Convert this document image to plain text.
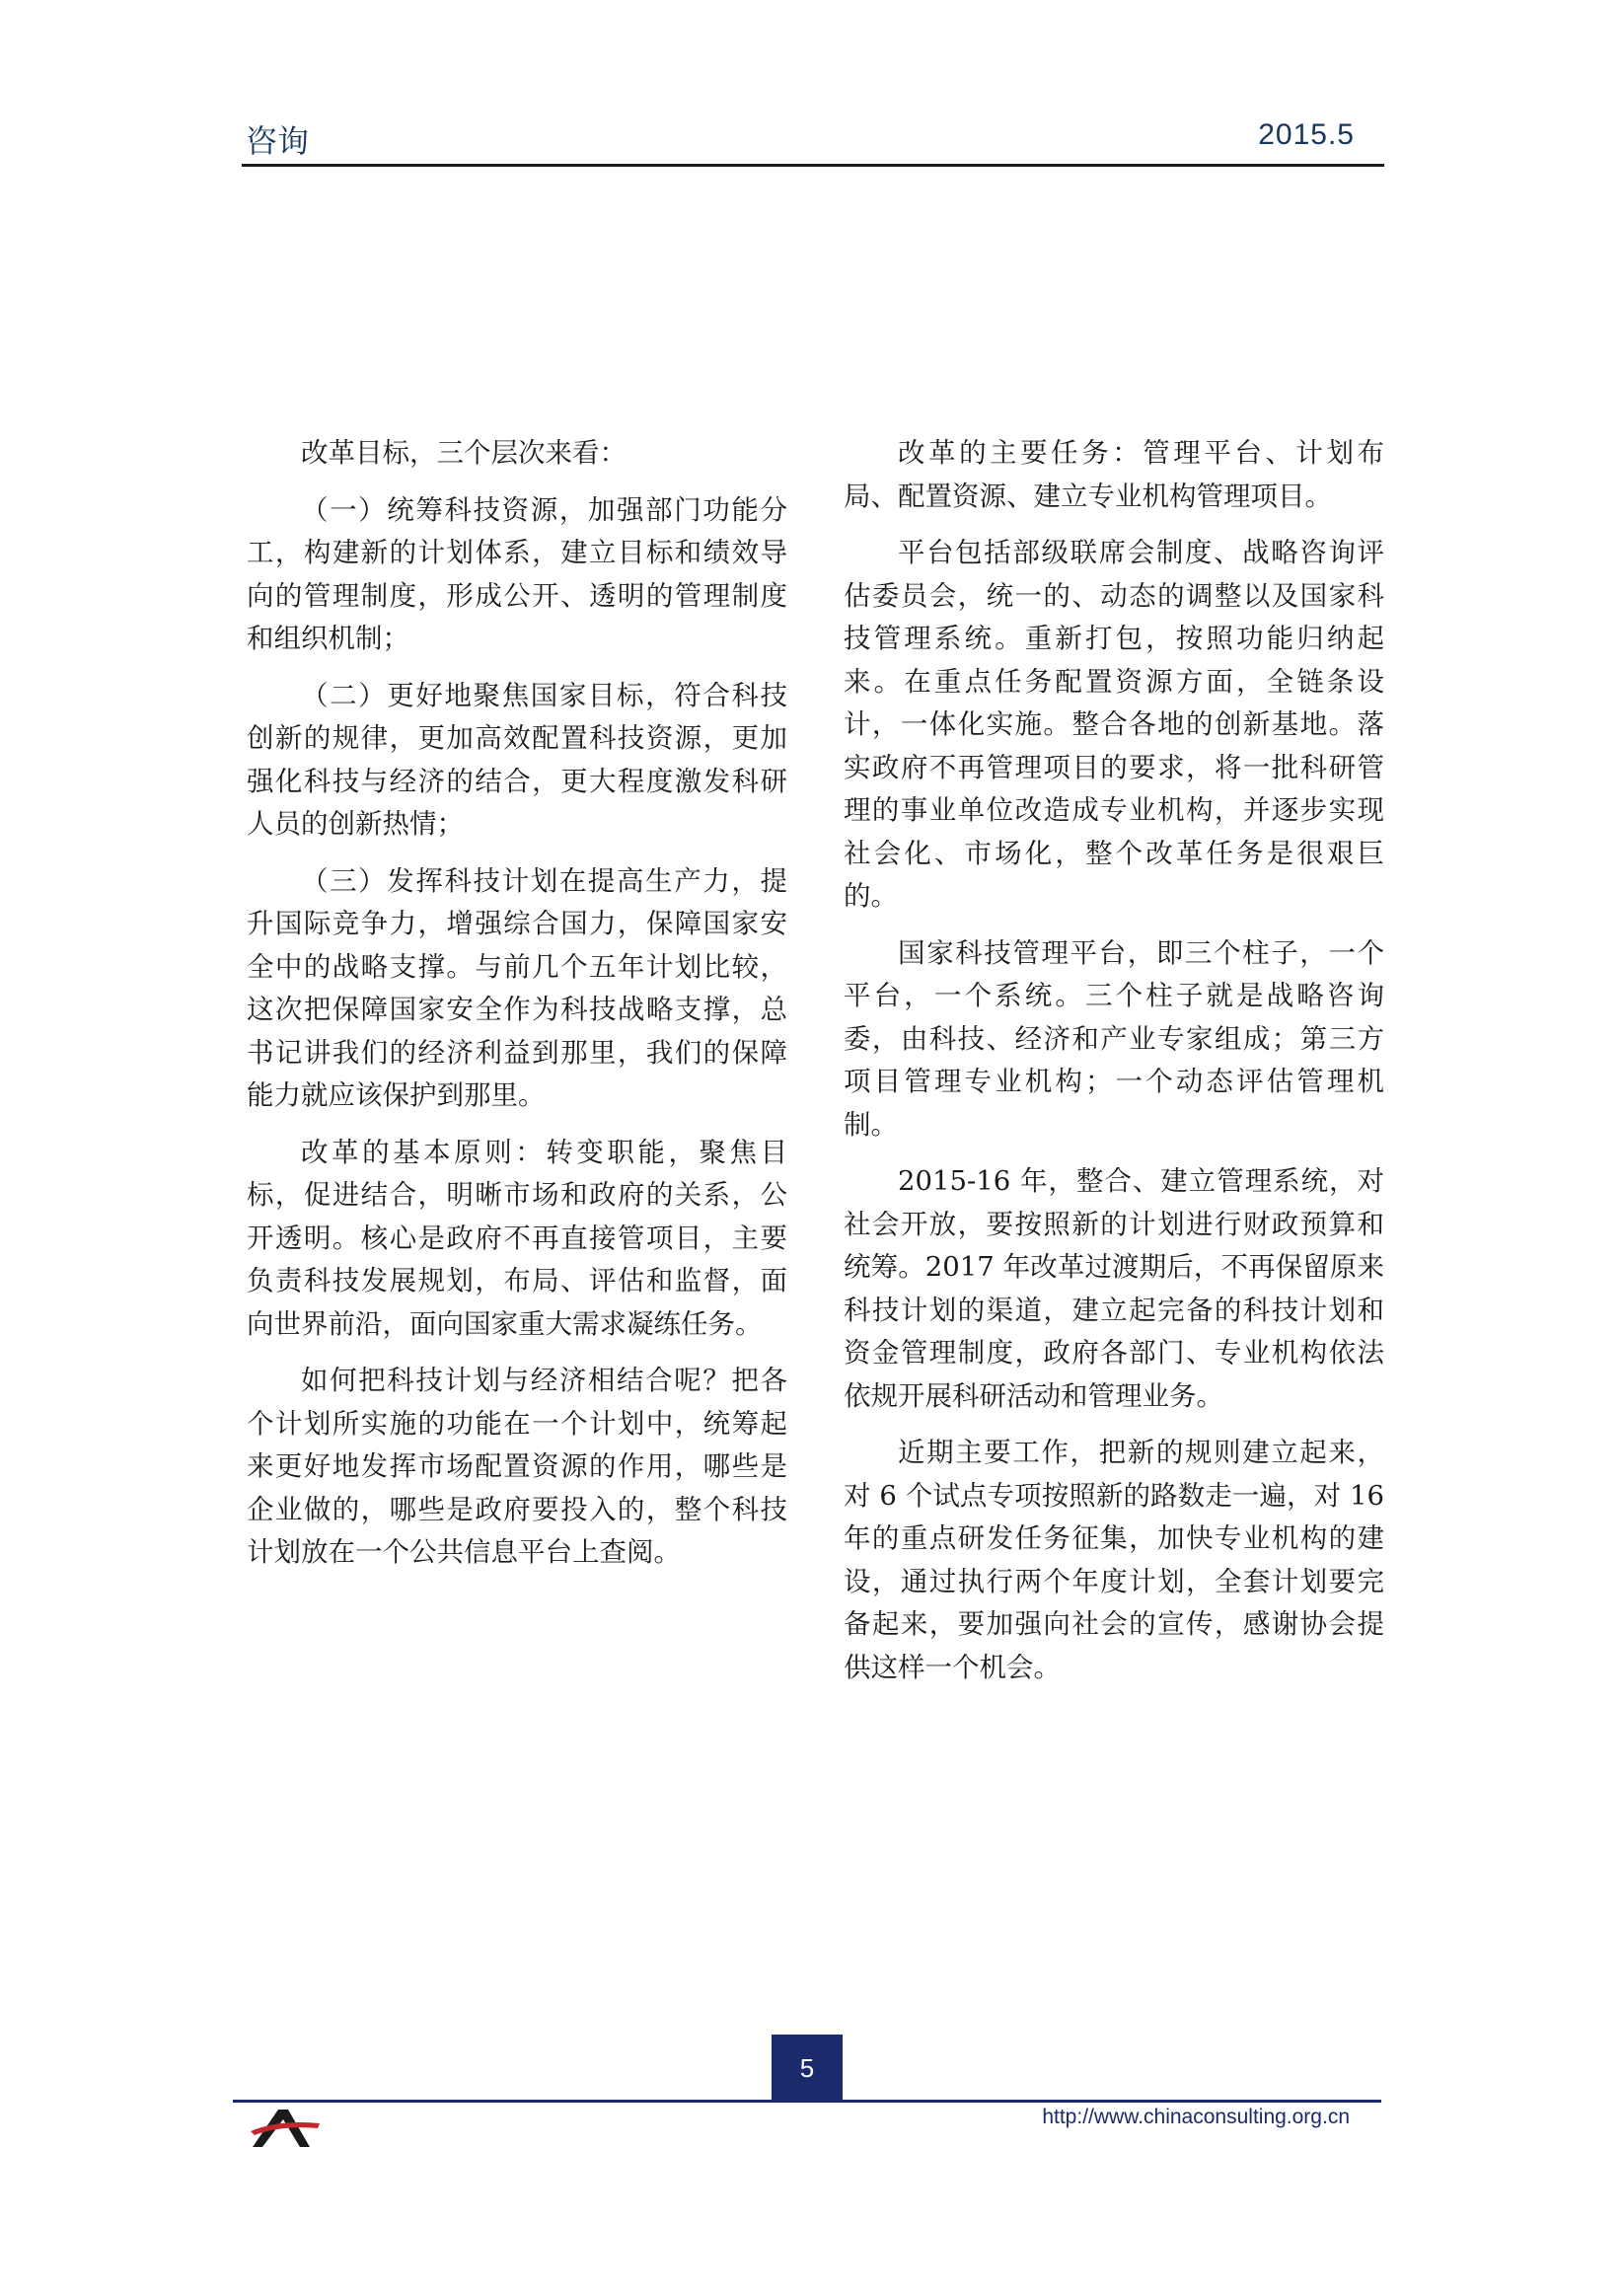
咨询	2015.5

改革目标，三个层次来看：

（一）统筹科技资源，加强部门功能分工，构建新的计划体系，建立目标和绩效导向的管理制度，形成公开、透明的管理制度和组织机制；

（二）更好地聚焦国家目标，符合科技创新的规律，更加高效配置科技资源，更加强化科技与经济的结合，更大程度激发科研人员的创新热情；

（三）发挥科技计划在提高生产力，提升国际竞争力，增强综合国力，保障国家安全中的战略支撑。与前几个五年计划比较，这次把保障国家安全作为科技战略支撑，总书记讲我们的经济利益到那里，我们的保障能力就应该保护到那里。

改革的基本原则：转变职能，聚焦目标，促进结合，明晰市场和政府的关系，公开透明。核心是政府不再直接管项目，主要负责科技发展规划，布局、评估和监督，面向世界前沿，面向国家重大需求凝练任务。

如何把科技计划与经济相结合呢？把各个计划所实施的功能在一个计划中，统筹起来更好地发挥市场配置资源的作用，哪些是企业做的，哪些是政府要投入的，整个科技计划放在一个公共信息平台上查阅。

改革的主要任务：管理平台、计划布局、配置资源、建立专业机构管理项目。

平台包括部级联席会制度、战略咨询评估委员会，统一的、动态的调整以及国家科技管理系统。重新打包，按照功能归纳起来。在重点任务配置资源方面，全链条设计，一体化实施。整合各地的创新基地。落实政府不再管理项目的要求，将一批科研管理的事业单位改造成专业机构，并逐步实现社会化、市场化，整个改革任务是很艰巨的。

国家科技管理平台，即三个柱子，一个平台，一个系统。三个柱子就是战略咨询委，由科技、经济和产业专家组成；第三方项目管理专业机构；一个动态评估管理机制。

2015-16 年，整合、建立管理系统，对社会开放，要按照新的计划进行财政预算和统筹。2017 年改革过渡期后，不再保留原来科技计划的渠道，建立起完备的科技计划和资金管理制度，政府各部门、专业机构依法依规开展科研活动和管理业务。

近期主要工作，把新的规则建立起来，对 6 个试点专项按照新的路数走一遍，对 16 年的重点研发任务征集，加快专业机构的建设，通过执行两个年度计划，全套计划要完备起来，要加强向社会的宣传，感谢协会提供这样一个机会。

5
http://www.chinaconsulting.org.cn
